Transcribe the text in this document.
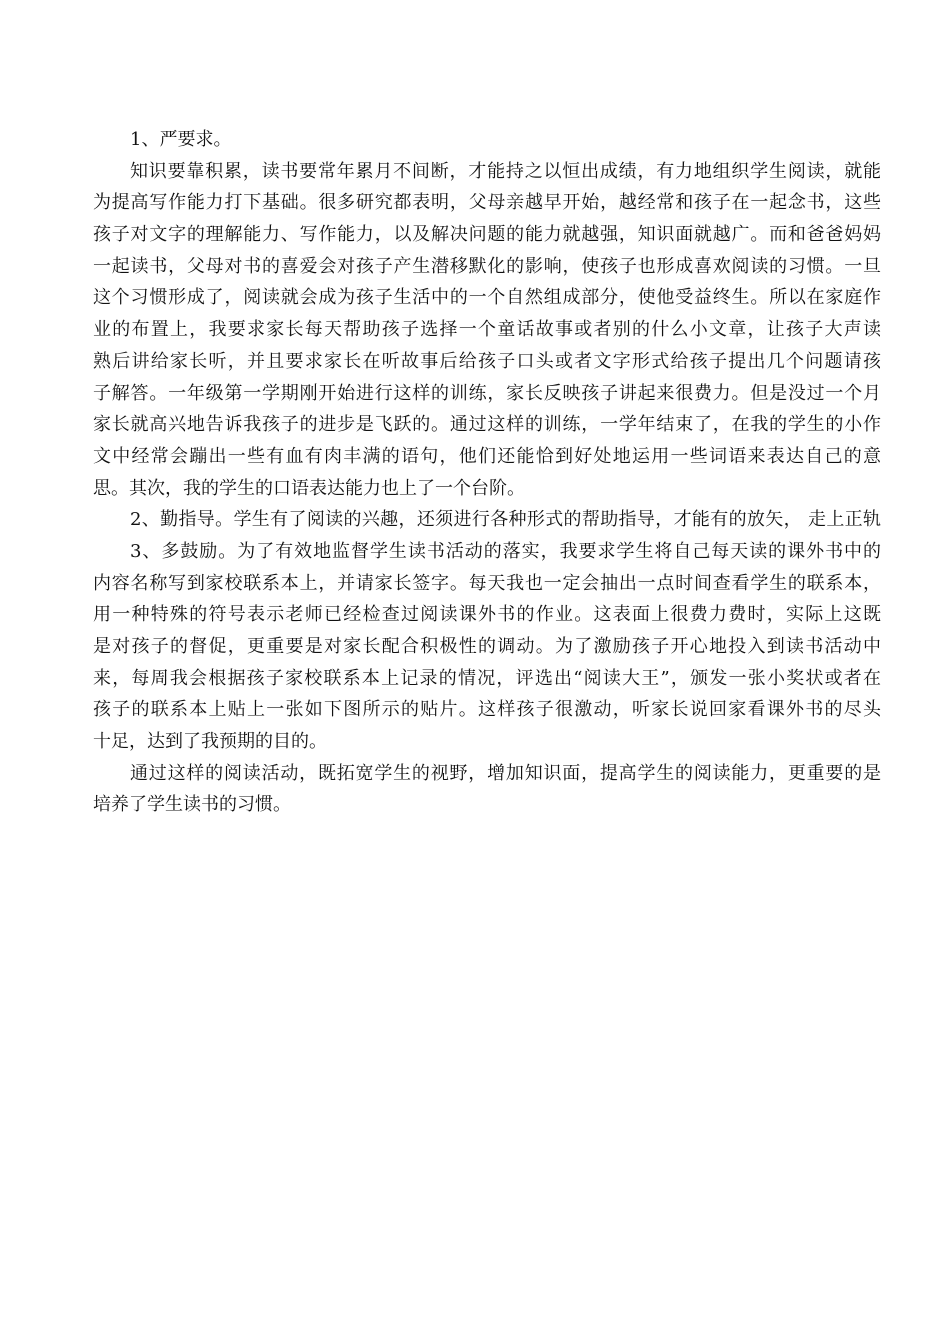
1、严要求。
知识要靠积累，读书要常年累月不间断，才能持之以恒出成绩，有力地组织学生阅读，就能
为提高写作能力打下基础。很多研究都表明，父母亲越早开始，越经常和孩子在一起念书，这些
孩子对文字的理解能力、写作能力，以及解决问题的能力就越强，知识面就越广。而和爸爸妈妈
一起读书，父母对书的喜爱会对孩子产生潜移默化的影响，使孩子也形成喜欢阅读的习惯。一旦
这个习惯形成了，阅读就会成为孩子生活中的一个自然组成部分，使他受益终生。所以在家庭作
业的布置上，我要求家长每天帮助孩子选择一个童话故事或者别的什么小文章，让孩子大声读
熟后讲给家长听，并且要求家长在听故事后给孩子口头或者文字形式给孩子提出几个问题请孩
子解答。一年级第一学期刚开始进行这样的训练，家长反映孩子讲起来很费力。但是没过一个月
家长就高兴地告诉我孩子的进步是飞跃的。通过这样的训练，一学年结束了，在我的学生的小作
文中经常会蹦出一些有血有肉丰满的语句，他们还能恰到好处地运用一些词语来表达自己的意
思。其次，我的学生的口语表达能力也上了一个台阶。
2、勤指导。学生有了阅读的兴趣，还须进行各种形式的帮助指导，才能有的放矢， 走上正轨
3、多鼓励。为了有效地监督学生读书活动的落实，我要求学生将自己每天读的课外书中的
内容名称写到家校联系本上，并请家长签字。每天我也一定会抽出一点时间查看学生的联系本，
用一种特殊的符号表示老师已经检查过阅读课外书的作业。这表面上很费力费时，实际上这既
是对孩子的督促，更重要是对家长配合积极性的调动。为了激励孩子开心地投入到读书活动中
来，每周我会根据孩子家校联系本上记录的情况，评选出“阅读大王”，颁发一张小奖状或者在
孩子的联系本上贴上一张如下图所示的贴片。这样孩子很激动，听家长说回家看课外书的尽头
十足，达到了我预期的目的。
通过这样的阅读活动，既拓宽学生的视野，增加知识面，提高学生的阅读能力，更重要的是
培养了学生读书的习惯。
